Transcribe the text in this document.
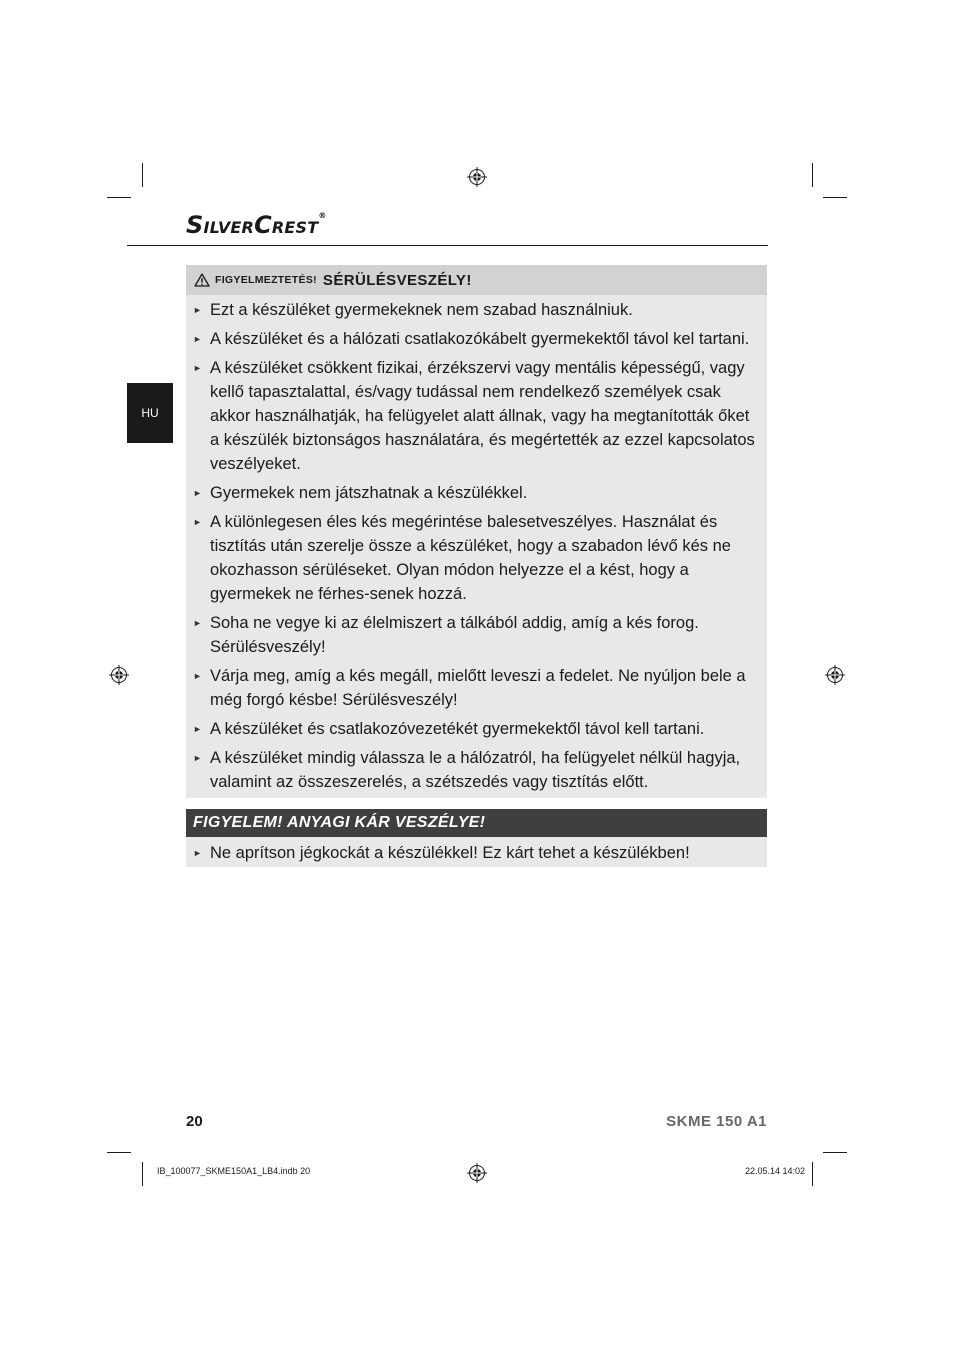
SILVERCREST®
HU
FIGYELMEZTETÉS! SÉRÜLÉSVESZÉLY!
► Ezt a készüléket gyermekeknek nem szabad használniuk.
► A készüléket és a hálózati csatlakozókábelt gyermekektől távol kel tartani.
► A készüléket csökkent fizikai, érzékszervi vagy mentális képességű, vagy kellő tapasztalattal, és/vagy tudással nem rendelkező személyek csak akkor használhatják, ha felügyelet alatt állnak, vagy ha megtanították őket a készülék biztonságos használatára, és megértették az ezzel kapcsolatos veszélyeket.
► Gyermekek nem játszhatnak a készülékkel.
► A különlegesen éles kés megérintése balesetveszélyes. Használat és tisztítás után szerelje össze a készüléket, hogy a szabadon lévő kés ne okozhasson sérüléseket. Olyan módon helyezze el a kést, hogy a gyermekek ne férhes-senek hozzá.
► Soha ne vegye ki az élelmiszert a tálkából addig, amíg a kés forog. Sérülésveszély!
► Várja meg, amíg a kés megáll, mielőtt leveszi a fedelet. Ne nyúljon bele a még forgó késbe! Sérülésveszély!
► A készüléket és csatlakozóvezetékét gyermekektől távol kell tartani.
► A készüléket mindig válassza le a hálózatról, ha felügyelet nélkül hagyja, valamint az összeszerelés, a szétszedés vagy tisztítás előtt.
FIGYELEM! ANYAGI KÁR VESZÉLYE!
► Ne aprítson jégkockát a készülékkel! Ez kárt tehet a készülékben!
20	SKME 150 A1
IB_100077_SKME150A1_LB4.indb 20	22.05.14 14:02
